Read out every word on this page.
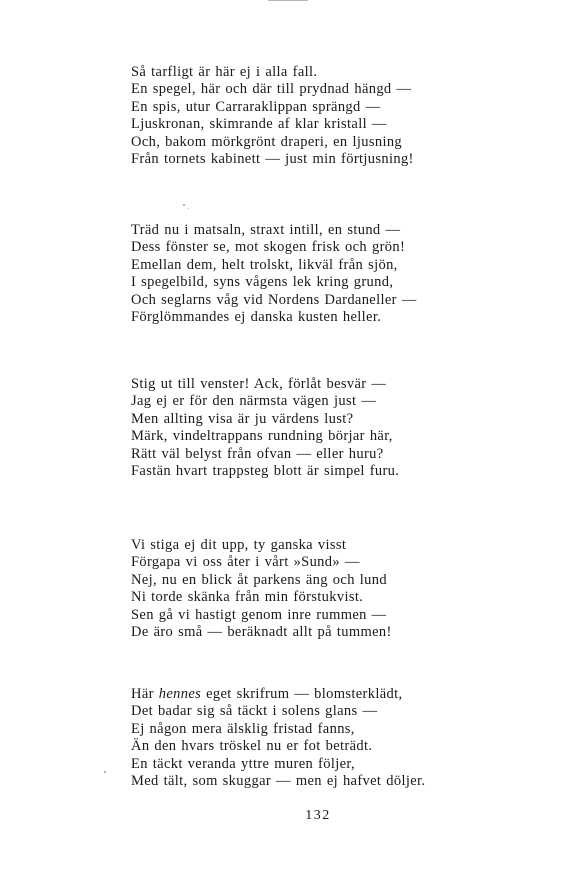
Så tarfligt är här ej i alla fall.
En spegel, här och där till prydnad hängd —
En spis, utur Carraraklippan sprängd —
Ljuskronan, skimrande af klar kristall —
Och, bakom mörkgrönt draperi, en ljusning
Från tornets kabinett — just min förtjusning!
Träd nu i matsaln, straxt intill, en stund —
Dess fönster se, mot skogen frisk och grön!
Emellan dem, helt trolskt, likväl från sjön,
I spegelbild, syns vågens lek kring grund,
Och seglarns våg vid Nordens Dardaneller —
Förglömmandes ej danska kusten heller.
Stig ut till venster! Ack, förlåt besvär —
Jag ej er för den närmsta vägen just —
Men allting visa är ju värdens lust?
Märk, vindeltrappans rundning börjar här,
Rätt väl belyst från ofvan — eller huru?
Fastän hvart trappsteg blott är simpel furu.
Vi stiga ej dit upp, ty ganska visst
Förgapa vi oss åter i vårt »Sund» —
Nej, nu en blick åt parkens äng och lund
Ni torde skänka från min förstukvist.
Sen gå vi hastigt genom inre rummen —
De äro små — beräknadt allt på tummen!
Här hennes eget skrifrum — blomsterklädt,
Det badar sig så täckt i solens glans —
Ej någon mera älsklig fristad fanns,
Än den hvars tröskel nu er fot beträdt.
En täckt veranda yttre muren följer,
Med tält, som skuggar — men ej hafvet döljer.
132
